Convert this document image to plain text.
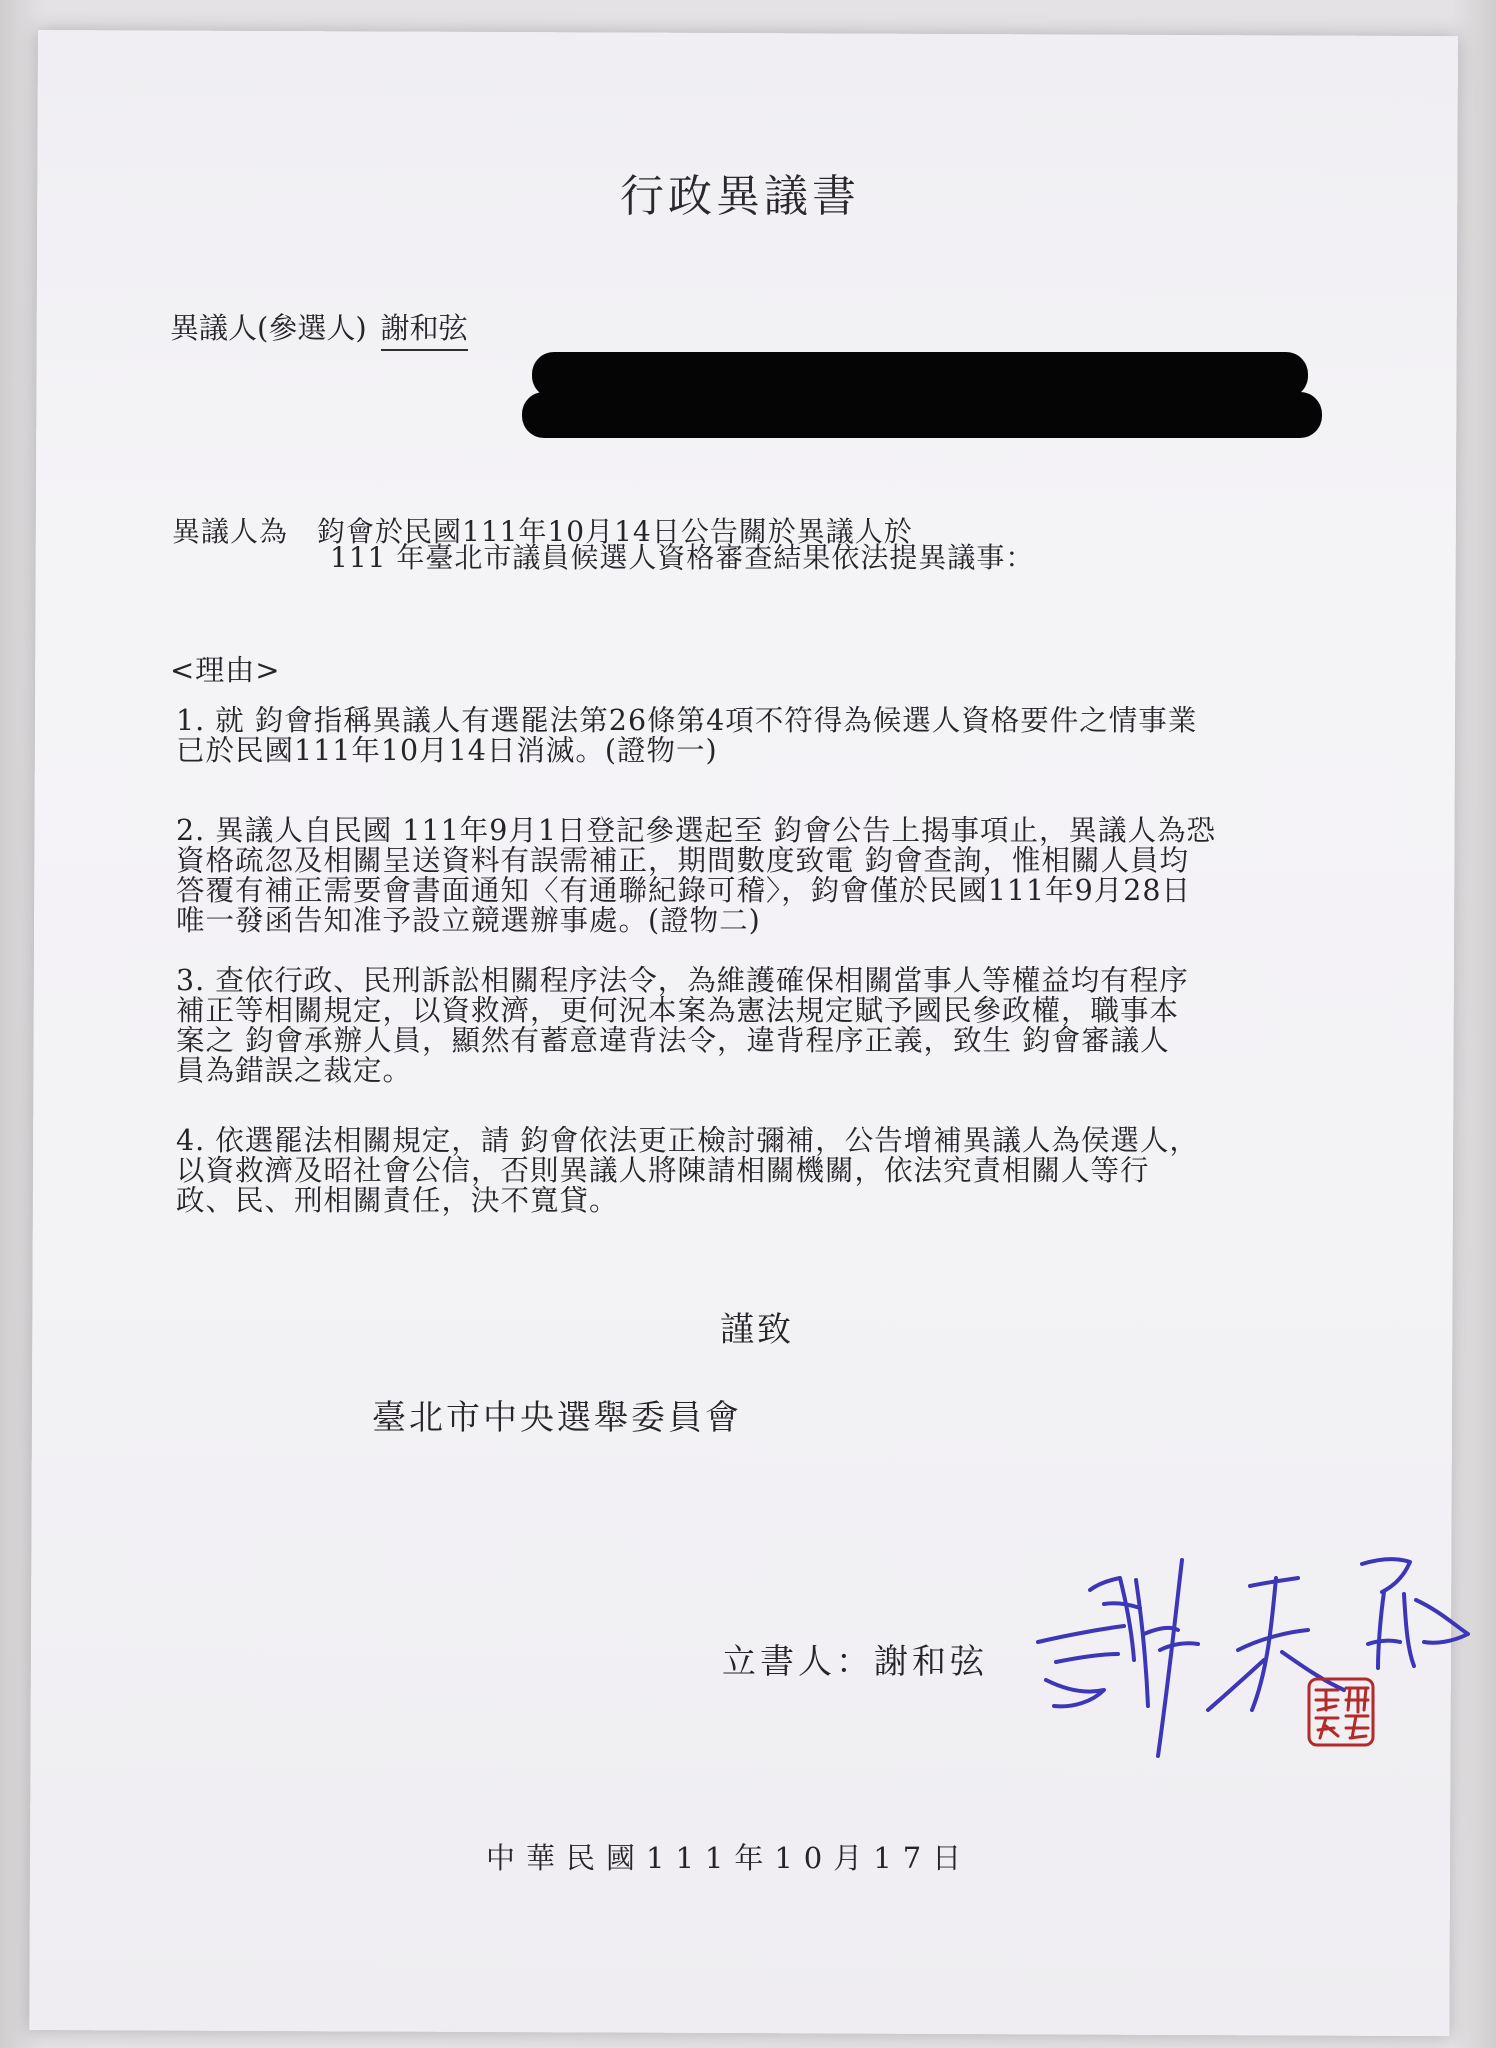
行政異議書
異議人(參選人) 謝和弦
異議人為　鈞會於民國111年10月14日公告關於異議人於
111 年臺北市議員候選人資格審查結果依法提異議事：
<理由>
1. 就 鈞會指稱異議人有選罷法第26條第4項不符得為候選人資格要件之情事業
已於民國111年10月14日消滅。(證物一)
2. 異議人自民國 111年9月1日登記參選起至 鈞會公告上揭事項止，異議人為恐
資格疏忽及相關呈送資料有誤需補正，期間數度致電 鈞會查詢，惟相關人員均
答覆有補正需要會書面通知〈有通聯紀錄可稽〉，鈞會僅於民國111年9月28日
唯一發函告知准予設立競選辦事處。(證物二)
3. 查依行政、民刑訴訟相關程序法令，為維護確保相關當事人等權益均有程序
補正等相關規定，以資救濟，更何況本案為憲法規定賦予國民參政權，職事本
案之 鈞會承辦人員，顯然有蓄意違背法令，違背程序正義，致生 鈞會審議人
員為錯誤之裁定。
4. 依選罷法相關規定，請 鈞會依法更正檢討彌補，公告增補異議人為侯選人，
以資救濟及昭社會公信，否則異議人將陳請相關機關，依法究責相關人等行
政、民、刑相關責任，決不寬貸。
謹致
臺北市中央選舉委員會
立書人：謝和弦
中華民國111年10月17日
